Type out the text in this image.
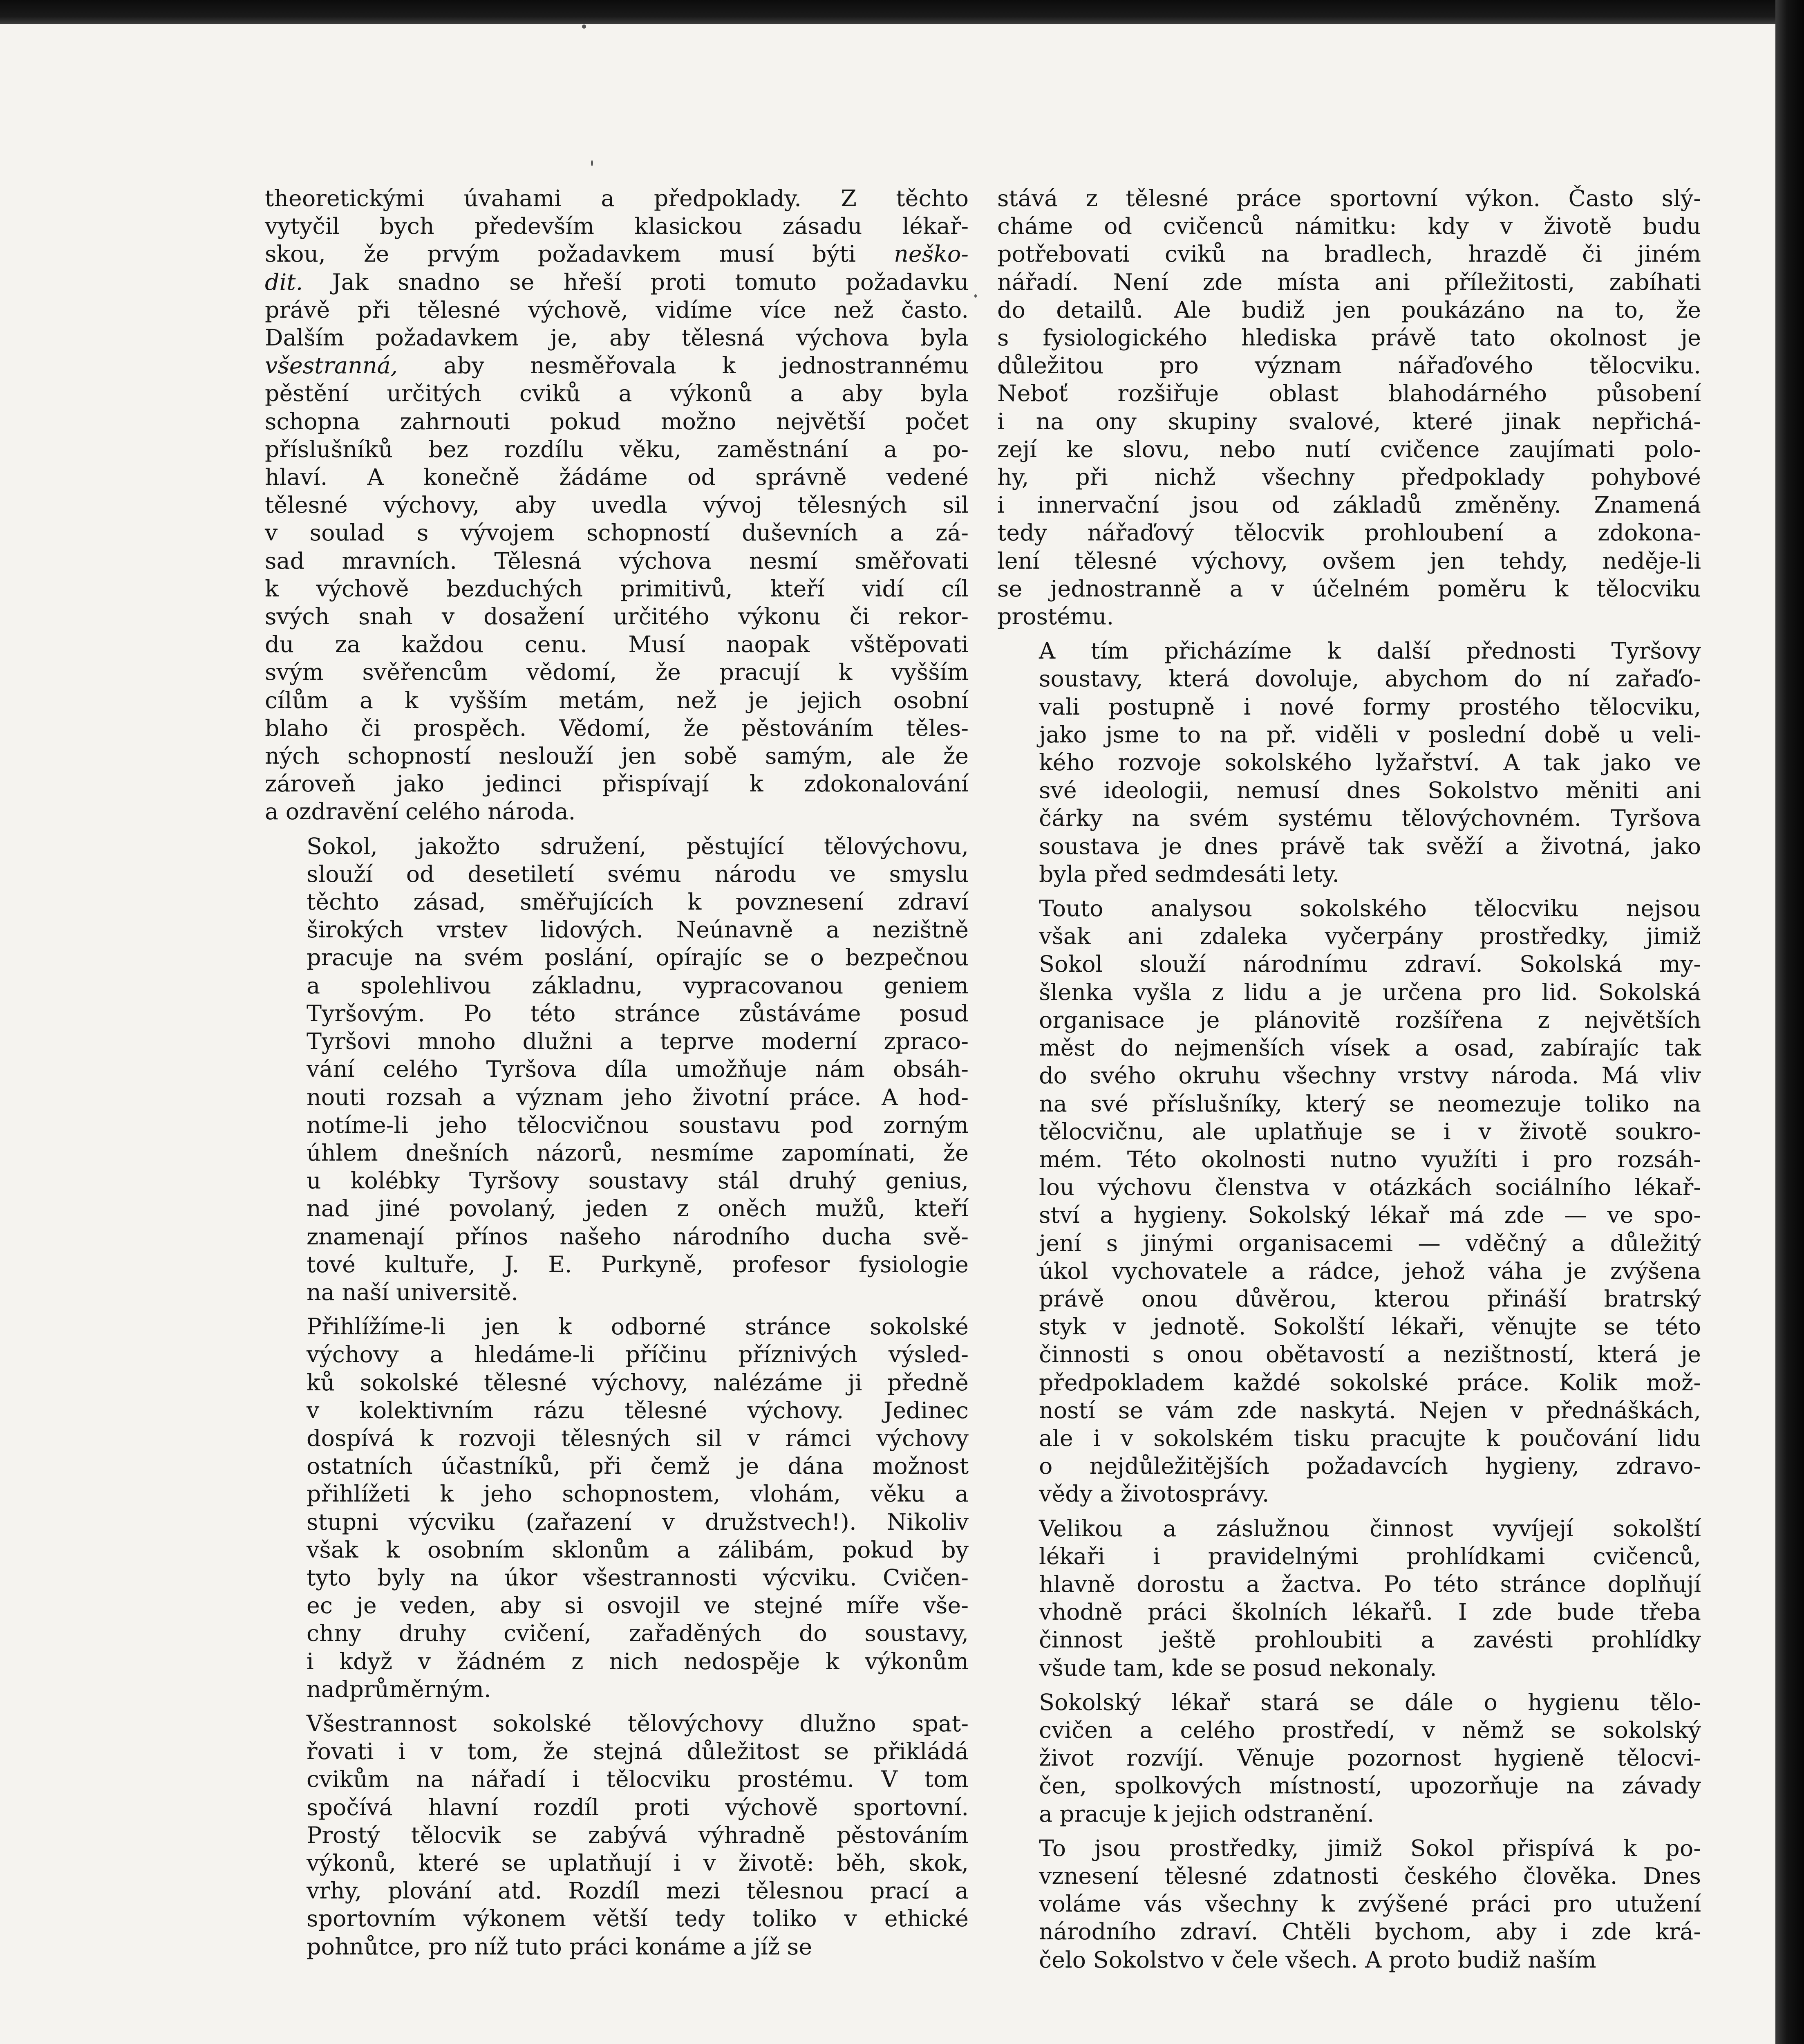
theoretickými úvahami a předpoklady. Z těchto
vytyčil bych především klasickou zásadu lékař-
skou, že prvým požadavkem musí býti neško-
dit. Jak snadno se hřeší proti tomuto požadavku
právě při tělesné výchově, vidíme více než často.
Dalším požadavkem je, aby tělesná výchova byla
všestranná, aby nesměřovala k jednostrannému
pěstění určitých cviků a výkonů a aby byla
schopna zahrnouti pokud možno největší počet
příslušníků bez rozdílu věku, zaměstnání a po-
hlaví. A konečně žádáme od správně vedené
tělesné výchovy, aby uvedla vývoj tělesných sil
v soulad s vývojem schopností duševních a zá-
sad mravních. Tělesná výchova nesmí směřovati
k výchově bezduchých primitivů, kteří vidí cíl
svých snah v dosažení určitého výkonu či rekor-
du za každou cenu. Musí naopak vštěpovati
svým svěřencům vědomí, že pracují k vyšším
cílům a k vyšším metám, než je jejich osobní
blaho či prospěch. Vědomí, že pěstováním těles-
ných schopností neslouží jen sobě samým, ale že
zároveň jako jedinci přispívají k zdokonalování
a ozdravění celého národa.
Sokol, jakožto sdružení, pěstující tělovýchovu,
slouží od desetiletí svému národu ve smyslu
těchto zásad, směřujících k povznesení zdraví
širokých vrstev lidových. Neúnavně a nezištně
pracuje na svém poslání, opírajíc se o bezpečnou
a spolehlivou základnu, vypracovanou geniem
Tyršovým. Po této stránce zůstáváme posud
Tyršovi mnoho dlužni a teprve moderní zpraco-
vání celého Tyršova díla umožňuje nám obsáh-
nouti rozsah a význam jeho životní práce. A hod-
notíme-li jeho tělocvičnou soustavu pod zorným
úhlem dnešních názorů, nesmíme zapomínati, že
u kolébky Tyršovy soustavy stál druhý genius,
nad jiné povolaný, jeden z oněch mužů, kteří
znamenají přínos našeho národního ducha svě-
tové kultuře, J. E. Purkyně, profesor fysiologie
na naší universitě.
Přihlížíme-li jen k odborné stránce sokolské
výchovy a hledáme-li příčinu příznivých výsled-
ků sokolské tělesné výchovy, nalézáme ji předně
v kolektivním rázu tělesné výchovy. Jedinec
dospívá k rozvoji tělesných sil v rámci výchovy
ostatních účastníků, při čemž je dána možnost
přihlížeti k jeho schopnostem, vlohám, věku a
stupni výcviku (zařazení v družstvech!). Nikoliv
však k osobním sklonům a zálibám, pokud by
tyto byly na úkor všestrannosti výcviku. Cvičen-
ec je veden, aby si osvojil ve stejné míře vše-
chny druhy cvičení, zařaděných do soustavy,
i když v žádném z nich nedospěje k výkonům
nadprůměrným.
Všestrannost sokolské tělovýchovy dlužno spat-
řovati i v tom, že stejná důležitost se přikládá
cvikům na nářadí i tělocviku prostému. V tom
spočívá hlavní rozdíl proti výchově sportovní.
Prostý tělocvik se zabývá výhradně pěstováním
výkonů, které se uplatňují i v životě: běh, skok,
vrhy, plování atd. Rozdíl mezi tělesnou prací a
sportovním výkonem větší tedy toliko v ethické
pohnůtce, pro níž tuto práci konáme a jíž se
stává z tělesné práce sportovní výkon. Často slý-
cháme od cvičenců námitku: kdy v životě budu
potřebovati cviků na bradlech, hrazdě či jiném
nářadí. Není zde místa ani příležitosti, zabíhati
do detailů. Ale budiž jen poukázáno na to, že
s fysiologického hlediska právě tato okolnost je
důležitou pro význam nářaďového tělocviku.
Neboť rozšiřuje oblast blahodárného působení
i na ony skupiny svalové, které jinak nepřichá-
zejí ke slovu, nebo nutí cvičence zaujímati polo-
hy, při nichž všechny předpoklady pohybové
i innervační jsou od základů změněny. Znamená
tedy nářaďový tělocvik prohloubení a zdokona-
lení tělesné výchovy, ovšem jen tehdy, neděje-li
se jednostranně a v účelném poměru k tělocviku
prostému.
A tím přicházíme k další přednosti Tyršovy
soustavy, která dovoluje, abychom do ní zařaďo-
vali postupně i nové formy prostého tělocviku,
jako jsme to na př. viděli v poslední době u veli-
kého rozvoje sokolského lyžařství. A tak jako ve
své ideologii, nemusí dnes Sokolstvo měniti ani
čárky na svém systému tělovýchovném. Tyršova
soustava je dnes právě tak svěží a životná, jako
byla před sedmdesáti lety.
Touto analysou sokolského tělocviku nejsou
však ani zdaleka vyčerpány prostředky, jimiž
Sokol slouží národnímu zdraví. Sokolská my-
šlenka vyšla z lidu a je určena pro lid. Sokolská
organisace je plánovitě rozšířena z největších
měst do nejmenších vísek a osad, zabírajíc tak
do svého okruhu všechny vrstvy národa. Má vliv
na své příslušníky, který se neomezuje toliko na
tělocvičnu, ale uplatňuje se i v životě soukro-
mém. Této okolnosti nutno využíti i pro rozsáh-
lou výchovu členstva v otázkách sociálního lékař-
ství a hygieny. Sokolský lékař má zde — ve spo-
jení s jinými organisacemi — vděčný a důležitý
úkol vychovatele a rádce, jehož váha je zvýšena
právě onou důvěrou, kterou přináší bratrský
styk v jednotě. Sokolští lékaři, věnujte se této
činnosti s onou obětavostí a nezištností, která je
předpokladem každé sokolské práce. Kolik mož-
ností se vám zde naskytá. Nejen v přednáškách,
ale i v sokolském tisku pracujte k poučování lidu
o nejdůležitějších požadavcích hygieny, zdravo-
vědy a životosprávy.
Velikou a záslužnou činnost vyvíjejí sokolští
lékaři i pravidelnými prohlídkami cvičenců,
hlavně dorostu a žactva. Po této stránce doplňují
vhodně práci školních lékařů. I zde bude třeba
činnost ještě prohloubiti a zavésti prohlídky
všude tam, kde se posud nekonaly.
Sokolský lékař stará se dále o hygienu tělo-
cvičen a celého prostředí, v němž se sokolský
život rozvíjí. Věnuje pozornost hygieně tělocvi-
čen, spolkových místností, upozorňuje na závady
a pracuje k jejich odstranění.
To jsou prostředky, jimiž Sokol přispívá k po-
vznesení tělesné zdatnosti českého člověka. Dnes
voláme vás všechny k zvýšené práci pro utužení
národního zdraví. Chtěli bychom, aby i zde krá-
čelo Sokolstvo v čele všech. A proto budiž naším
